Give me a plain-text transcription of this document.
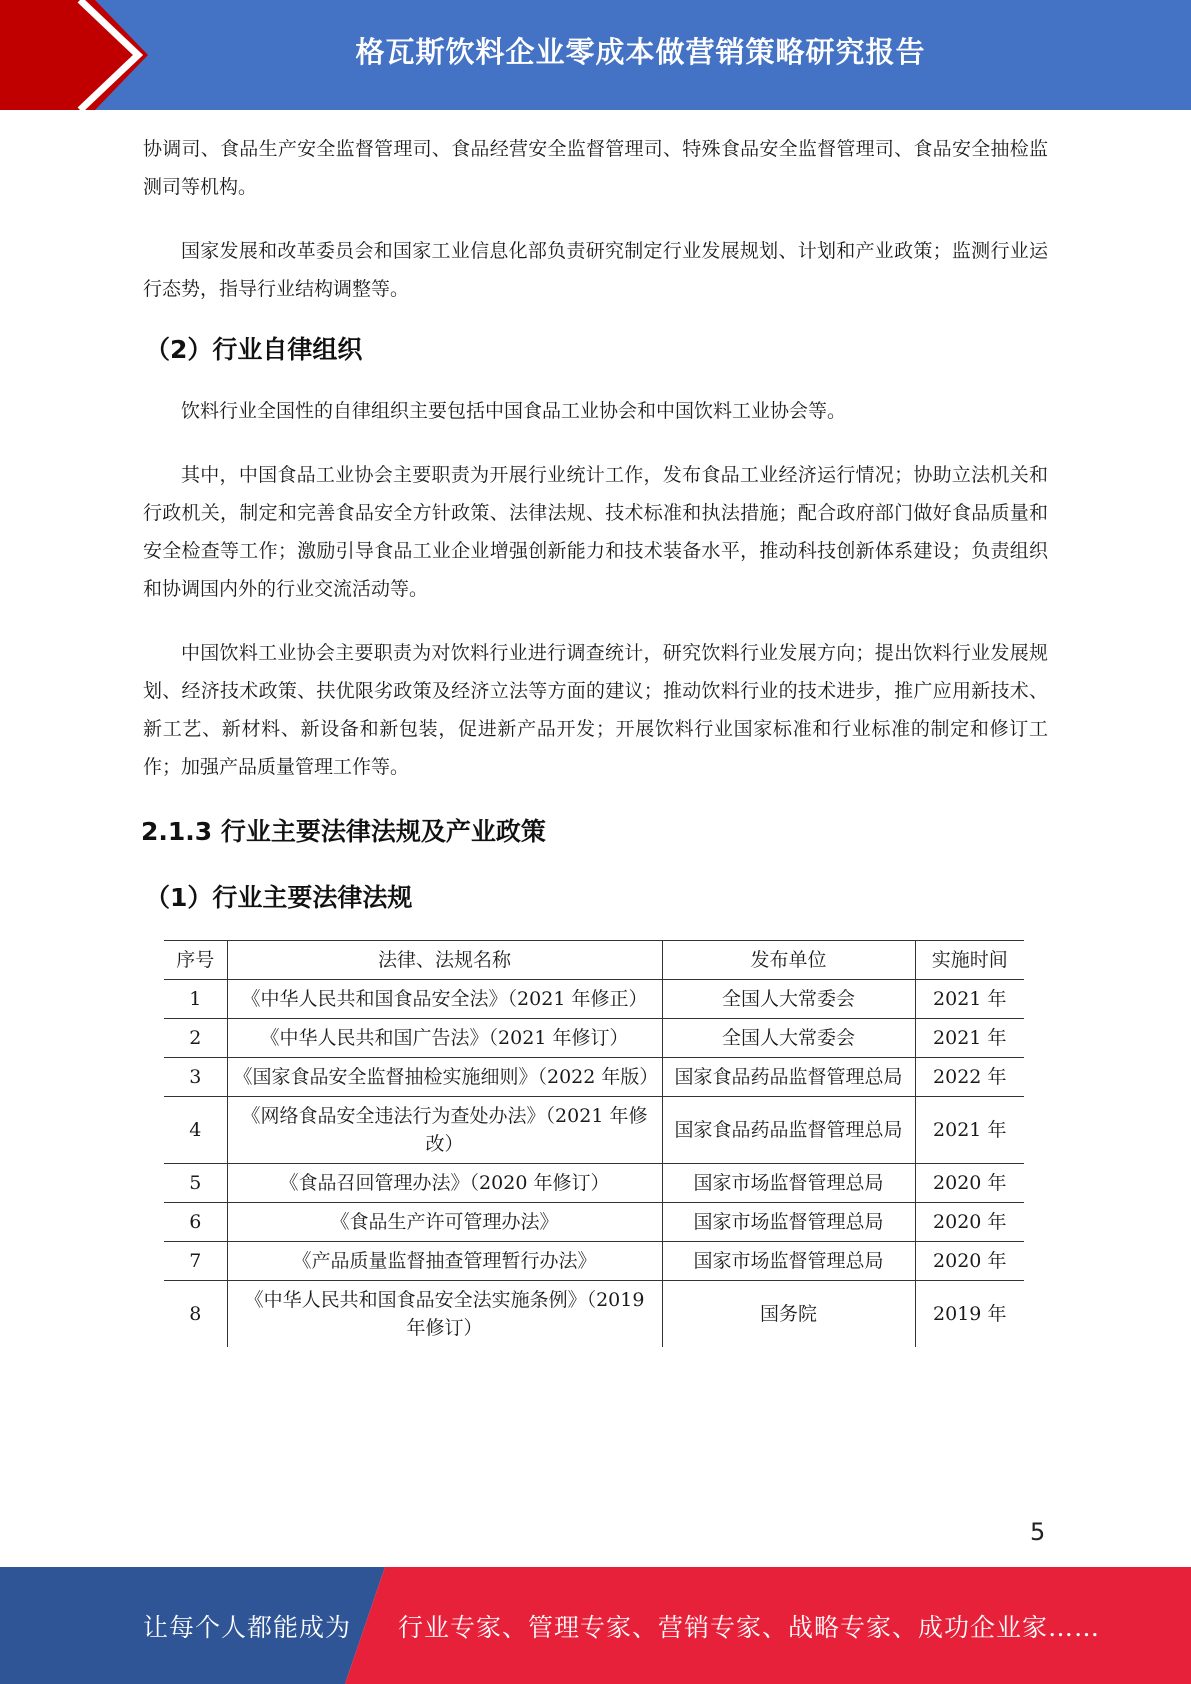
格瓦斯饮料企业零成本做营销策略研究报告

协调司、食品生产安全监督管理司、食品经营安全监督管理司、特殊食品安全监督管理司、食品安全抽检监测司等机构。

国家发展和改革委员会和国家工业信息化部负责研究制定行业发展规划、计划和产业政策；监测行业运行态势，指导行业结构调整等。

（2）行业自律组织

饮料行业全国性的自律组织主要包括中国食品工业协会和中国饮料工业协会等。

其中，中国食品工业协会主要职责为开展行业统计工作，发布食品工业经济运行情况；协助立法机关和行政机关，制定和完善食品安全方针政策、法律法规、技术标准和执法措施；配合政府部门做好食品质量和安全检查等工作；激励引导食品工业企业增强创新能力和技术装备水平，推动科技创新体系建设；负责组织和协调国内外的行业交流活动等。

中国饮料工业协会主要职责为对饮料行业进行调查统计，研究饮料行业发展方向；提出饮料行业发展规划、经济技术政策、扶优限劣政策及经济立法等方面的建议；推动饮料行业的技术进步，推广应用新技术、新工艺、新材料、新设备和新包装，促进新产品开发；开展饮料行业国家标准和行业标准的制定和修订工作；加强产品质量管理工作等。

2.1.3 行业主要法律法规及产业政策
（1）行业主要法律法规
序号	法律、法规名称	发布单位	实施时间
1	《中华人民共和国食品安全法》（2021 年修正）	全国人大常委会	2021 年
2	《中华人民共和国广告法》（2021 年修订）	全国人大常委会	2021 年
3	《国家食品安全监督抽检实施细则》（2022 年版）	国家食品药品监督管理总局	2022 年
4	《网络食品安全违法行为查处办法》（2021 年修改）	国家食品药品监督管理总局	2021 年
5	《食品召回管理办法》（2020 年修订）	国家市场监督管理总局	2020 年
6	《食品生产许可管理办法》	国家市场监督管理总局	2020 年
7	《产品质量监督抽查管理暂行办法》	国家市场监督管理总局	2020 年
8	《中华人民共和国食品安全法实施条例》（2019 年修订）	国务院	2019 年
5
让每个人都能成为 行业专家、管理专家、营销专家、战略专家、成功企业家……
